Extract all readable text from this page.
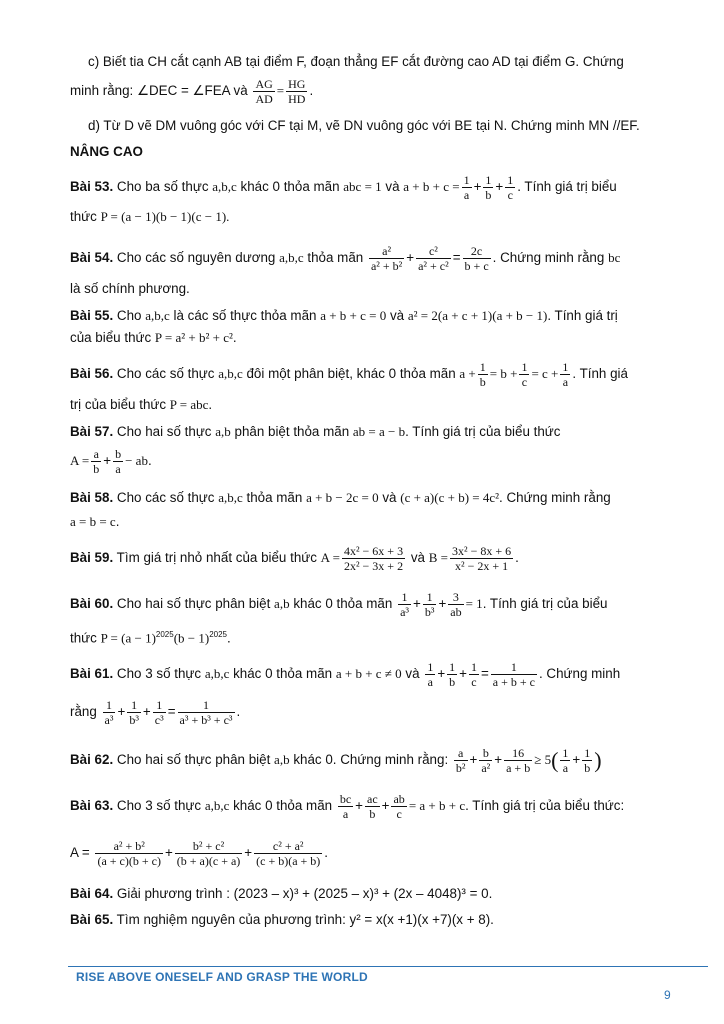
c) Biết tia CH cắt cạnh AB tại điểm F, đoạn thẳng EF cắt đường cao AD tại điểm G. Chứng
minh rằng: ∠DEC = ∠FEA và $\frac{AG}{AD} = \frac{HG}{HD}$ .
d) Từ D vẽ DM vuông góc với CF tại M, vẽ DN vuông góc với BE tại N. Chứng minh MN //EF.
NÂNG CAO
Bài 53. Cho ba số thực a,b,c khác 0 thỏa mãn abc = 1 và $a + b + c = \frac{1}{a} + \frac{1}{b} + \frac{1}{c}$ . Tính giá trị biểu
thức P = (a − 1)(b − 1)(c − 1).
Bài 54. Cho các số nguyên dương a,b,c thỏa mãn $\frac{\text{a²}}{\text{a² + b²}} + \frac{\text{c²}}{\text{a² + c²}} = \frac{2c}{b + c}$ . Chứng minh rằng bc
là số chính phương.
Bài 55. Cho a,b,c là các số thực thỏa mãn a + b + c = 0 và a² = 2(a + c + 1)(a + b − 1). Tính giá trị
của biểu thức P = a² + b² + c².
Bài 56. Cho các số thực a,b,c đôi một phân biệt, khác 0 thỏa mãn $a + \frac{1}{b} = b + \frac{1}{c} = c + \frac{1}{a}$ . Tính giá
trị của biểu thức P = abc.
Bài 57. Cho hai số thực a,b phân biệt thỏa mãn ab = a − b. Tính giá trị của biểu thức
$A = \frac{a}{b} + \frac{b}{a}$ − ab.
Bài 58. Cho các số thực a,b,c thỏa mãn a + b − 2c = 0 và (c + a)(c + b) = 4c². Chứng minh rằng
a = b = c.
Bài 59. Tìm giá trị nhỏ nhất của biểu thức $A = \frac{\text{4x² − 6x + 3}}{\text{2x² − 3x + 2}}$ và $B = \frac{\text{3x² − 8x + 6}}{\text{x² − 2x + 1}}$ .
Bài 60. Cho hai số thực phân biệt a,b khác 0 thỏa mãn $\frac{1}{\text{a³}} + \frac{1}{\text{b³}} + \frac{3}{ab} = 1$. Tính giá trị của biểu
thức $P = (a - 1)^{2025}(b - 1)^{2025}$.
Bài 61. Cho 3 số thực a,b,c khác 0 thỏa mãn a + b + c ≠ 0 và $\frac{1}{a} + \frac{1}{b} + \frac{1}{c} = \frac{1}{a + b + c}$ . Chứng minh
rằng $\frac{1}{\text{a³}} + \frac{1}{\text{b³}} + \frac{1}{\text{c³}} = \frac{1}{\text{a³ + b³ + c³}}$ .
Bài 62. Cho hai số thực phân biệt a,b khác 0. Chứng minh rằng: $\frac{a}{\text{b²}} + \frac{b}{\text{a²}} + \frac{16}{a + b} \ge 5( \frac{1}{a} + \frac{1}{b}$ )
Bài 63. Cho 3 số thực a,b,c khác 0 thỏa mãn $\frac{bc}{a} + \frac{ac}{b} + \frac{ab}{c} = a + b + c$. Tính giá trị của biểu thức:
$A = \frac{\text{a² + b²}}{(a + c)(b + c)} + \frac{\text{b² + c²}}{(b + a)(c + a)} + \frac{\text{c² + a²}}{(c + b)(a + b)}$ .
Bài 64. Giải phương trình : (2023 – x)³ + (2025 – x)³ + (2x – 4048)³ = 0.
Bài 65. Tìm nghiệm nguyên của phương trình: y² = x(x +1)(x +7)(x + 8).
RISE ABOVE ONESELF AND GRASP THE WORLD
9
